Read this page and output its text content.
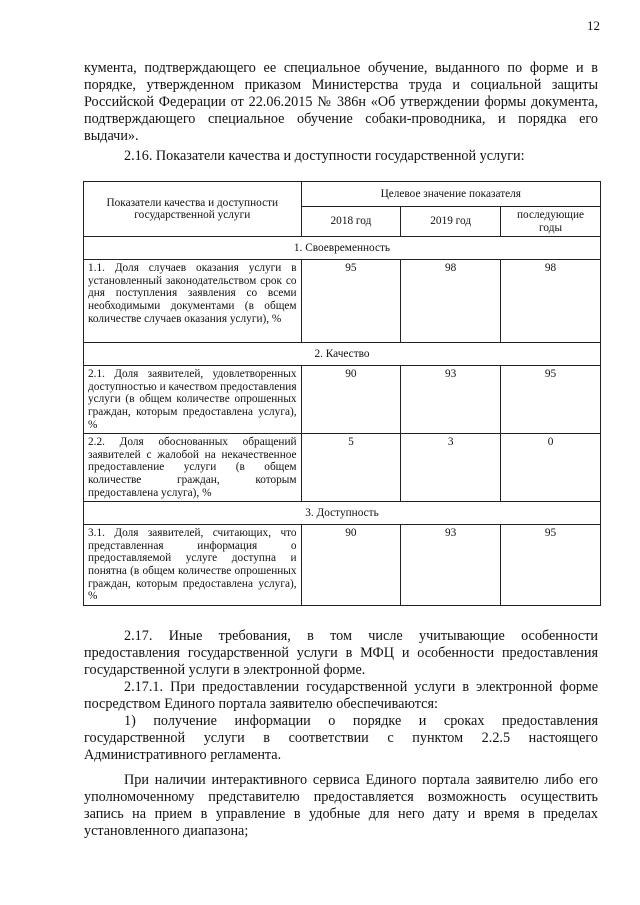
12

кумента, подтверждающего ее специальное обучение, выданного по форме и в порядке, утвержденном приказом Министерства труда и социальной защиты Российской Федерации от 22.06.2015 № 386н «Об утверждении формы документа, подтверждающего специальное обучение собаки-проводника, и порядка его выдачи».

2.16. Показатели качества и доступности государственной услуги:

Показатели качества и доступности государственной услуги	Целевое значение показателя		
	2018 год	2019 год	последующие годы
1. Своевременность			
1.1. Доля случаев оказания услуги в установленный законодательством срок со дня поступления заявления со всеми необходимыми документами (в общем количестве случаев оказания услуги), %	95	98	98
2. Качество			
2.1. Доля заявителей, удовлетворенных доступностью и качеством предоставления услуги (в общем количестве опрошенных граждан, которым предоставлена услуга), %	90	93	95
2.2. Доля обоснованных обращений заявителей с жалобой на некачественное предоставление услуги (в общем количестве граждан, которым предоставлена услуга), %	5	3	0
3. Доступность			
3.1. Доля заявителей, считающих, что представленная информация о предоставляемой услуге доступна и понятна (в общем количестве опрошенных граждан, которым предоставлена услуга), %	90	93	95

2.17. Иные требования, в том числе учитывающие особенности предоставления государственной услуги в МФЦ и особенности предоставления государственной услуги в электронной форме.

2.17.1. При предоставлении государственной услуги в электронной форме посредством Единого портала заявителю обеспечиваются:

1) получение информации о порядке и сроках предоставления государственной услуги в соответствии с пунктом 2.2.5 настоящего Административного регламента.

При наличии интерактивного сервиса Единого портала заявителю либо его уполномоченному представителю предоставляется возможность осуществить запись на прием в управление в удобные для него дату и время в пределах установленного диапазона;
